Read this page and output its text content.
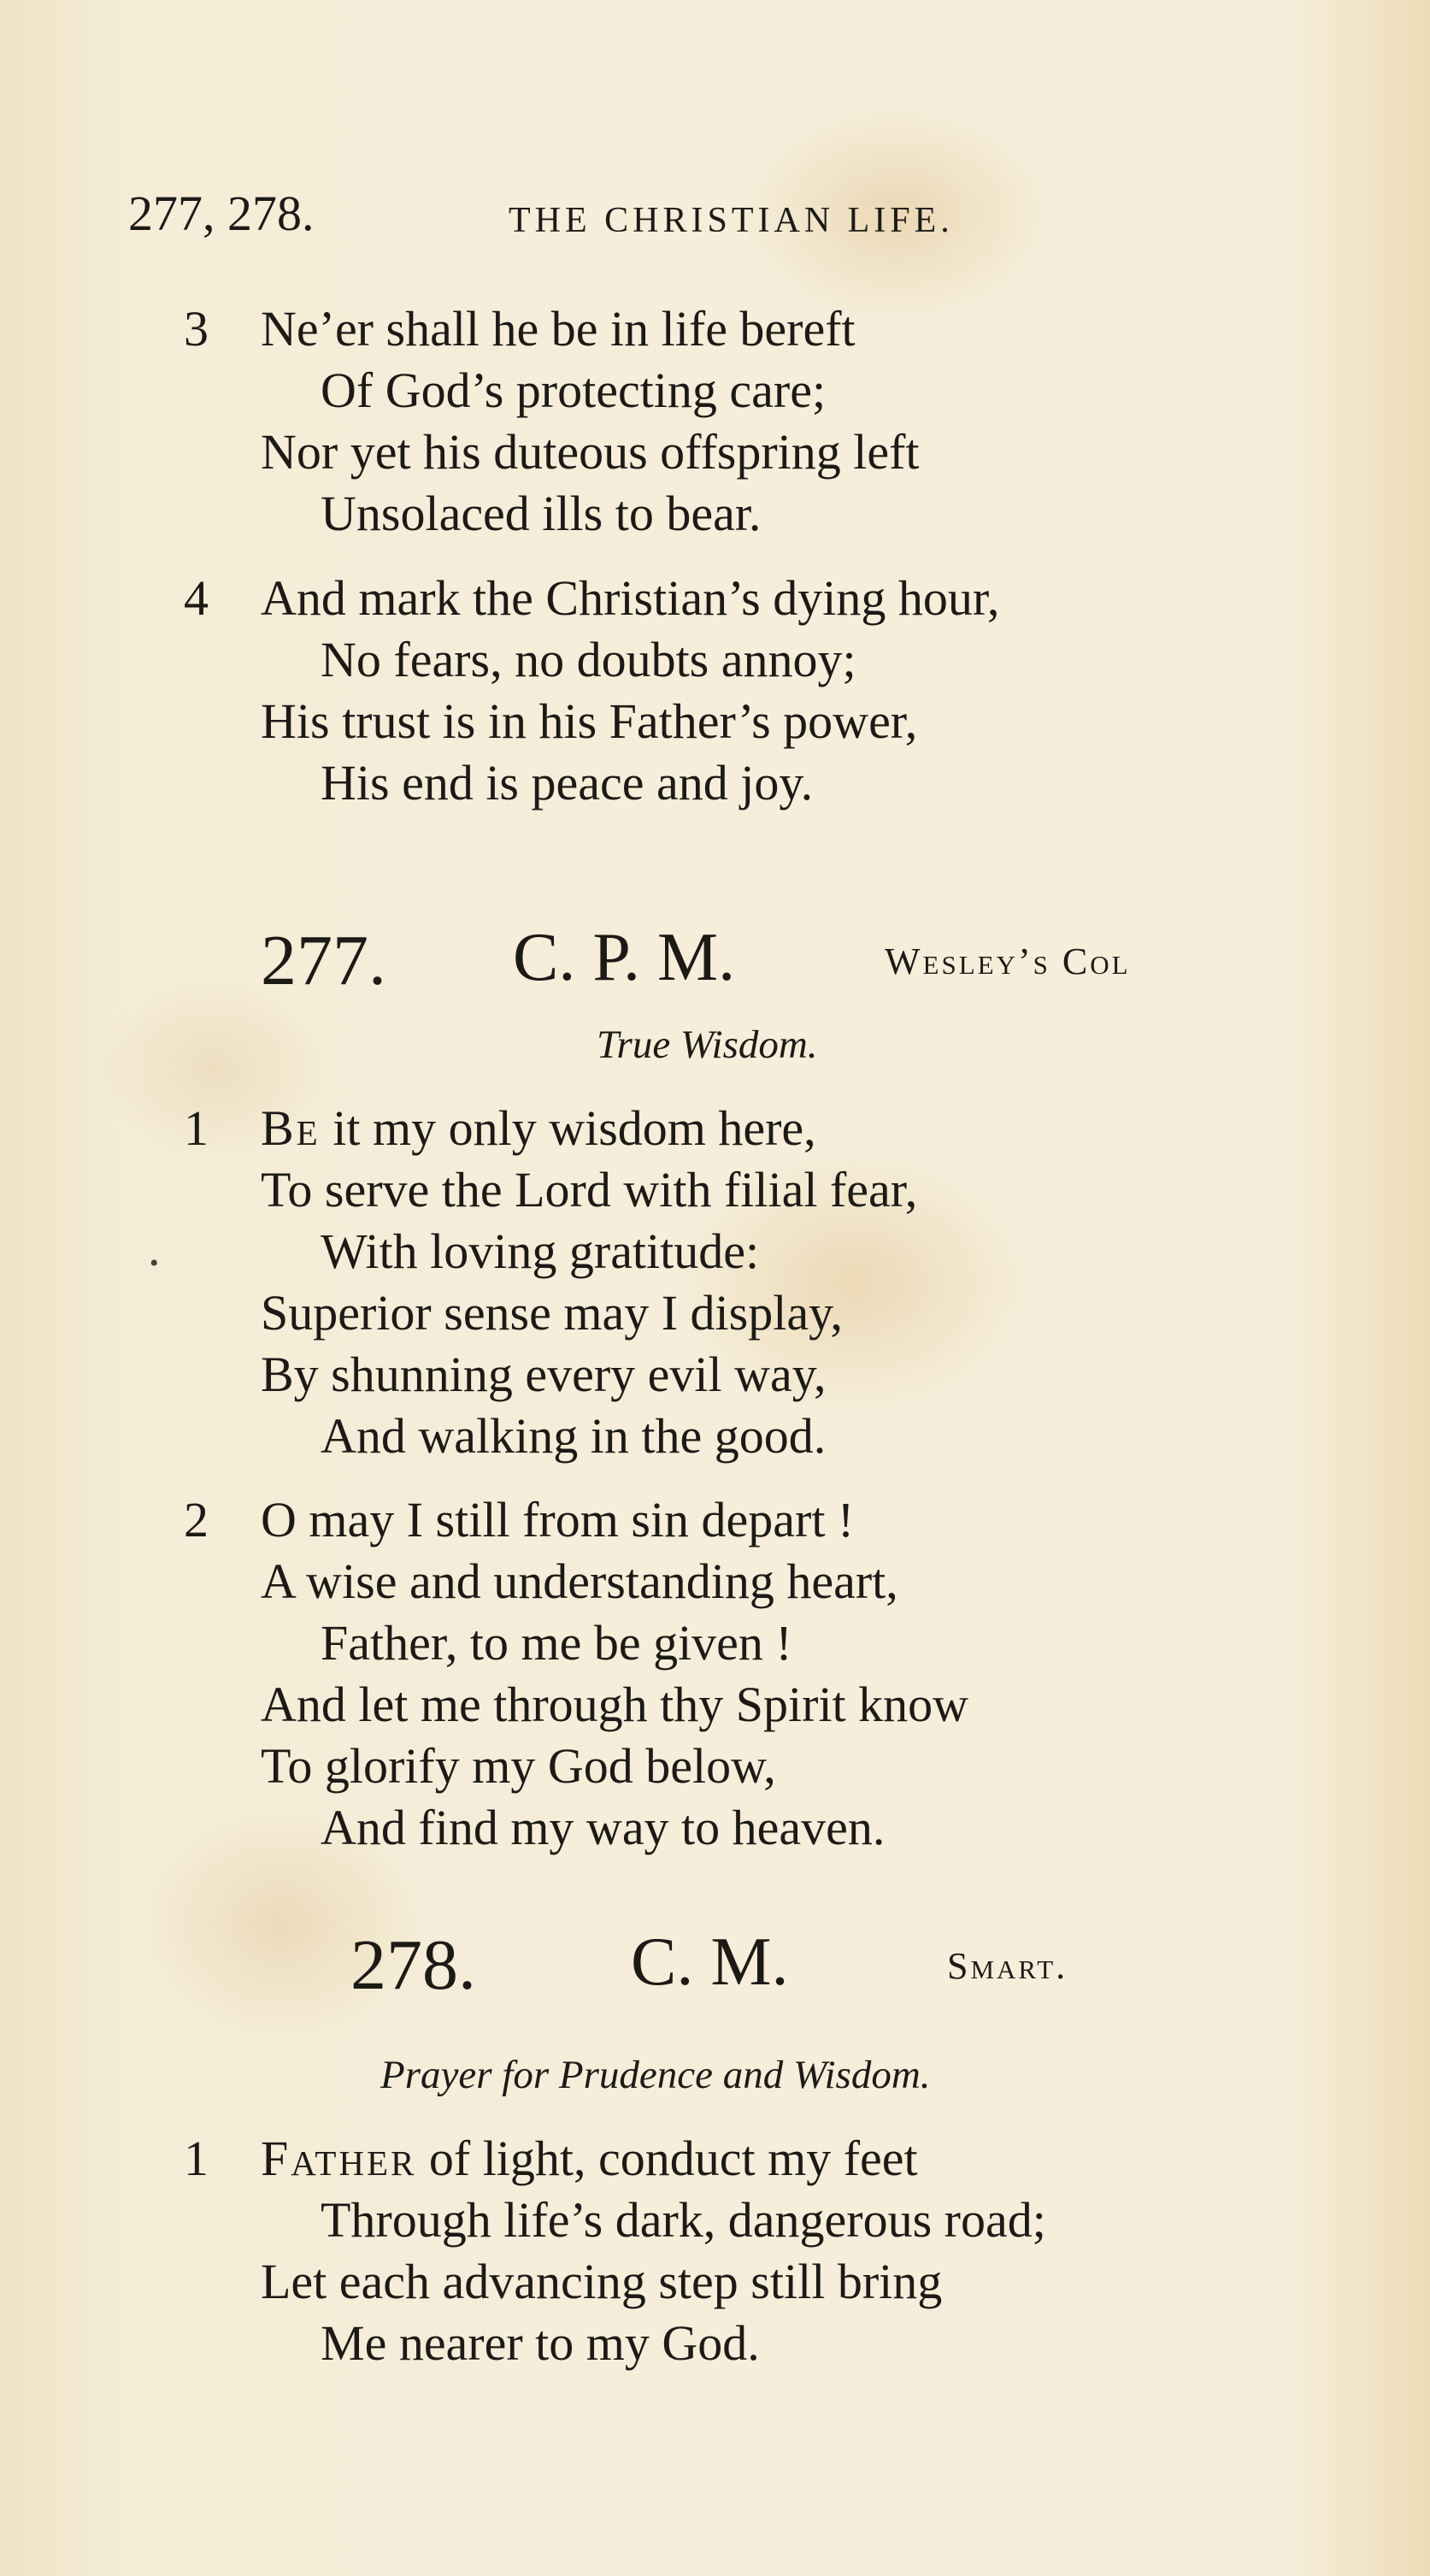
277, 278.	THE CHRISTIAN LIFE.
3	Ne’er shall he be in life bereft
Of God’s protecting care;
Nor yet his duteous offspring left
Unsolaced ills to bear.
4	And mark the Christian’s dying hour,
No fears, no doubts annoy;
His trust is in his Father’s power,
His end is peace and joy.
277. C. P. M.	Wesley’s Col
True Wisdom.
1	Be it my only wisdom here,
To serve the Lord with filial fear,
•	With loving gratitude:
Superior sense may I display,
By shunning every evil way,
And walking in the good.
2	O may I still from sin depart !
A wise and understanding heart,
Father, to me be given !
And let me through thy Spirit know
To glorify my God below,
And find my way to heaven.
278. C. M.	Smart.
Prayer for Prudence and Wisdom.
1	Father of light, conduct my feet
Through life’s dark, dangerous road;
Let each advancing step still bring
Me nearer to my God.
